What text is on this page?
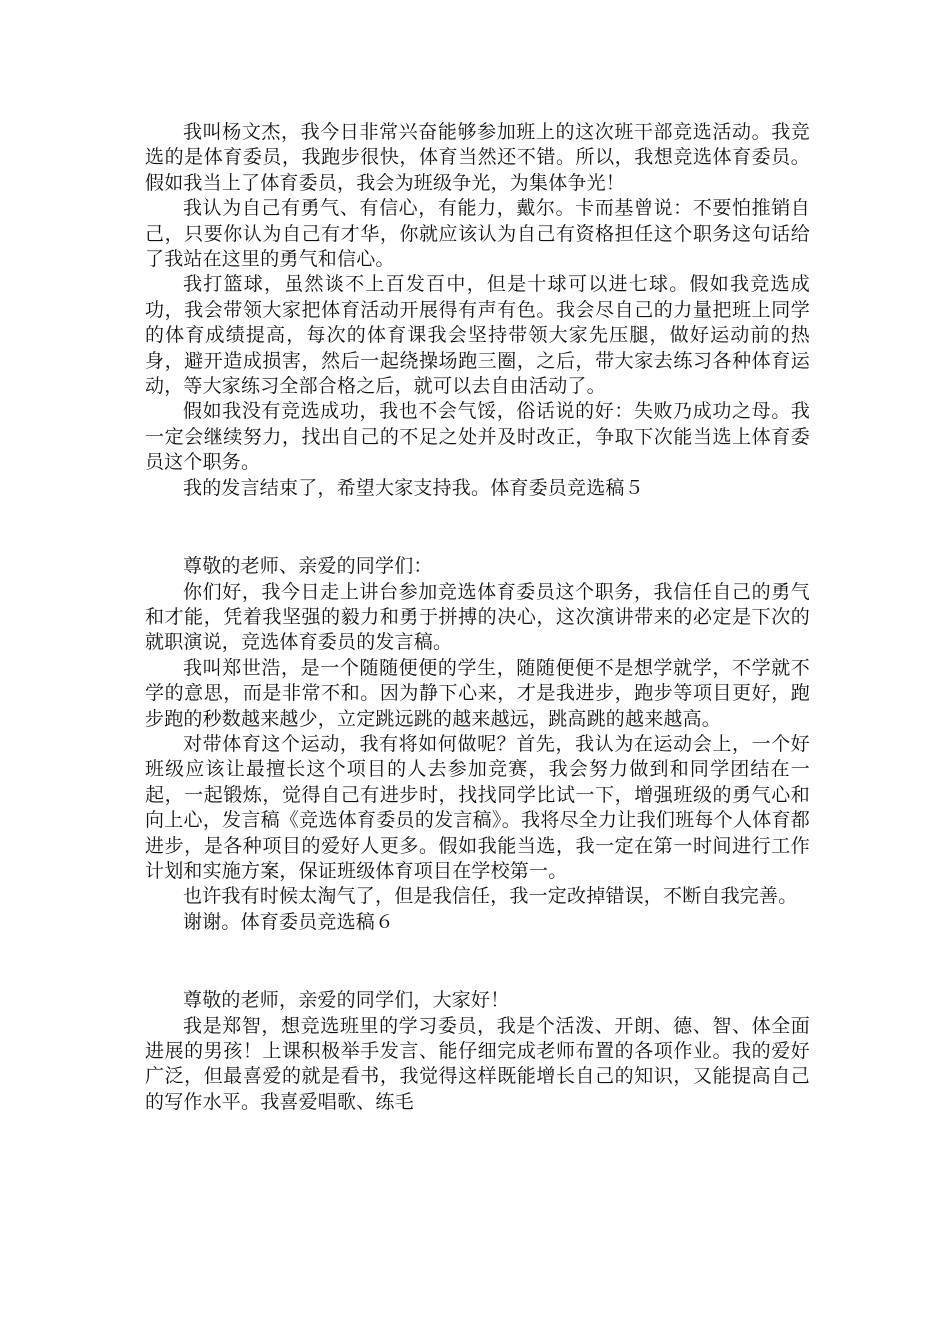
我叫杨文杰，我今日非常兴奋能够参加班上的这次班干部竞选活动。我竞选的是体育委员，我跑步很快，体育当然还不错。所以，我想竞选体育委员。假如我当上了体育委员，我会为班级争光，为集体争光！

我认为自己有勇气、有信心，有能力，戴尔。卡而基曾说：不要怕推销自己，只要你认为自己有才华，你就应该认为自己有资格担任这个职务这句话给了我站在这里的勇气和信心。

我打篮球，虽然谈不上百发百中，但是十球可以进七球。假如我竞选成功，我会带领大家把体育活动开展得有声有色。我会尽自己的力量把班上同学的体育成绩提高，每次的体育课我会坚持带领大家先压腿，做好运动前的热身，避开造成损害，然后一起绕操场跑三圈，之后，带大家去练习各种体育运动，等大家练习全部合格之后，就可以去自由活动了。

假如我没有竞选成功，我也不会气馁，俗话说的好：失败乃成功之母。我一定会继续努力，找出自己的不足之处并及时改正，争取下次能当选上体育委员这个职务。

我的发言结束了，希望大家支持我。体育委员竞选稿５

尊敬的老师、亲爱的同学们：

你们好，我今日走上讲台参加竞选体育委员这个职务，我信任自己的勇气和才能，凭着我坚强的毅力和勇于拼搏的决心，这次演讲带来的必定是下次的就职演说，竞选体育委员的发言稿。

我叫郑世浩，是一个随随便便的学生，随随便便不是想学就学，不学就不学的意思，而是非常不和。因为静下心来，才是我进步，跑步等项目更好，跑步跑的秒数越来越少，立定跳远跳的越来越远，跳高跳的越来越高。

对带体育这个运动，我有将如何做呢？首先，我认为在运动会上，一个好班级应该让最擅长这个项目的人去参加竞赛，我会努力做到和同学团结在一起，一起锻炼，觉得自己有进步时，找找同学比试一下，增强班级的勇气心和向上心，发言稿《竞选体育委员的发言稿》。我将尽全力让我们班每个人体育都进步，是各种项目的爱好人更多。假如我能当选，我一定在第一时间进行工作计划和实施方案，保证班级体育项目在学校第一。

也许我有时候太淘气了，但是我信任，我一定改掉错误，不断自我完善。

谢谢。体育委员竞选稿６

尊敬的老师，亲爱的同学们，大家好！

我是郑智，想竞选班里的学习委员，我是个活泼、开朗、德、智、体全面进展的男孩！上课积极举手发言、能仔细完成老师布置的各项作业。我的爱好广泛，但最喜爱的就是看书，我觉得这样既能增长自己的知识，又能提高自己的写作水平。我喜爱唱歌、练毛
